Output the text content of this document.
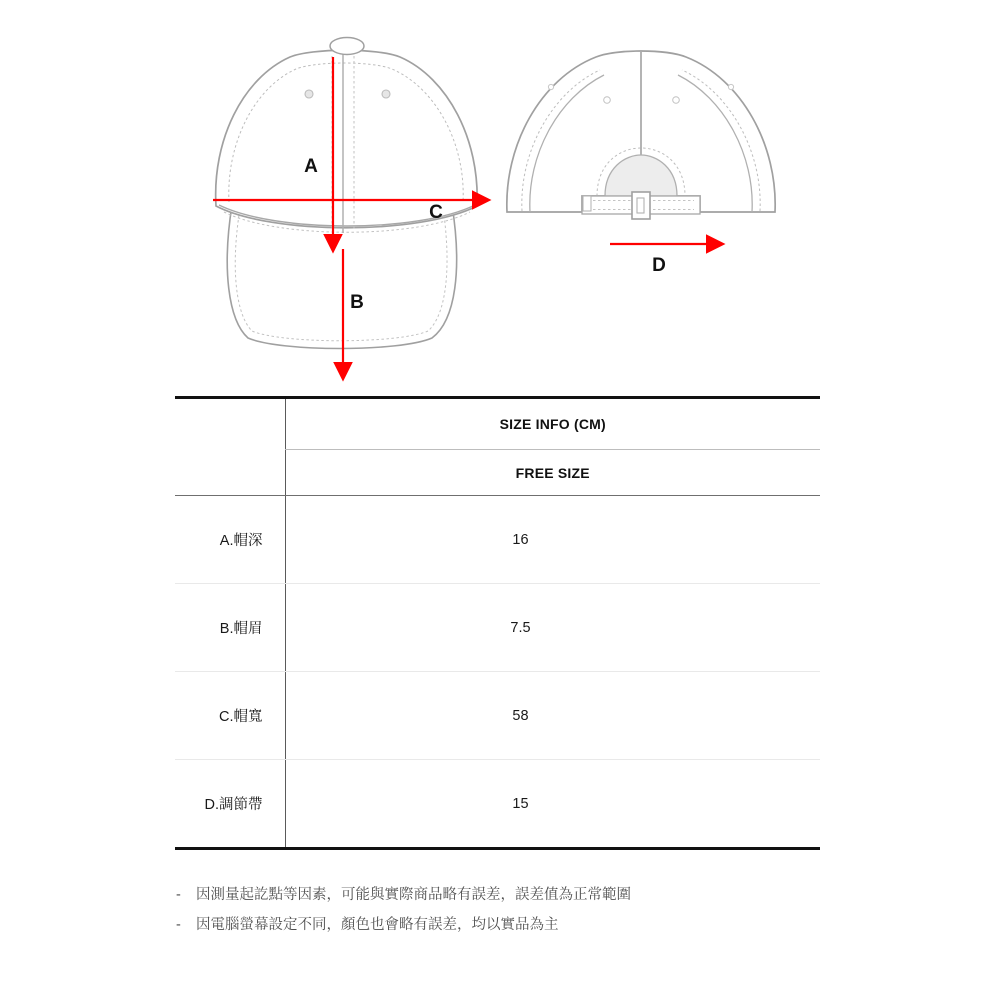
A
C
B
D
	SIZE INFO (CM)
	FREE SIZE
A.帽深	16

B.帽眉	7.5

C.帽寬	58

D.調節帶	15
-	因測量起訖點等因素，可能與實際商品略有誤差，誤差值為正常範圍
-	因電腦螢幕設定不同，顏色也會略有誤差，均以實品為主
